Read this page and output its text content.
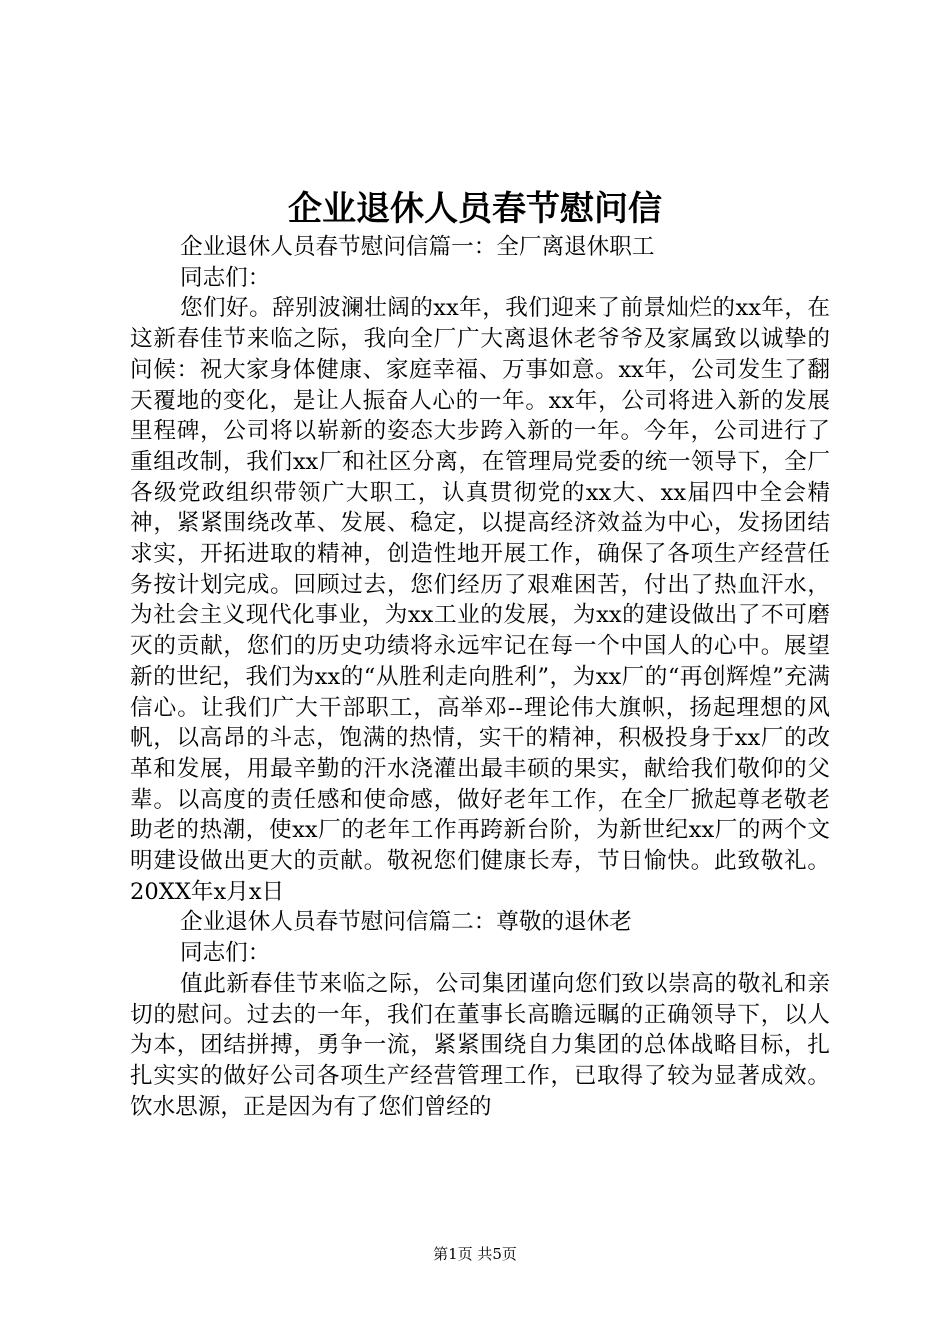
企业退休人员春节慰问信

企业退休人员春节慰问信篇一：全厂离退休职工

同志们：

您们好。辞别波澜壮阔的xx年，我们迎来了前景灿烂的xx年，在这新春佳节来临之际，我向全厂广大离退休老爷爷及家属致以诚挚的问候：祝大家身体健康、家庭幸福、万事如意。xx年，公司发生了翻天覆地的变化，是让人振奋人心的一年。xx年，公司将进入新的发展里程碑，公司将以崭新的姿态大步跨入新的一年。今年，公司进行了重组改制，我们xx厂和社区分离，在管理局党委的统一领导下，全厂各级党政组织带领广大职工，认真贯彻党的xx大、xx届四中全会精神，紧紧围绕改革、发展、稳定，以提高经济效益为中心，发扬团结求实，开拓进取的精神，创造性地开展工作，确保了各项生产经营任务按计划完成。回顾过去，您们经历了艰难困苦，付出了热血汗水，为社会主义现代化事业，为xx工业的发展，为xx的建设做出了不可磨灭的贡献，您们的历史功绩将永远牢记在每一个中国人的心中。展望新的世纪，我们为xx的“从胜利走向胜利”，为xx厂的“再创辉煌”充满信心。让我们广大干部职工，高举邓--理论伟大旗帜，扬起理想的风帆，以高昂的斗志，饱满的热情，实干的精神，积极投身于xx厂的改革和发展，用最辛勤的汗水浇灌出最丰硕的果实，献给我们敬仰的父辈。以高度的责任感和使命感，做好老年工作，在全厂掀起尊老敬老助老的热潮，使xx厂的老年工作再跨新台阶，为新世纪xx厂的两个文明建设做出更大的贡献。敬祝您们健康长寿，节日愉快。此致敬礼。20XX年x月x日

企业退休人员春节慰问信篇二：尊敬的退休老

同志们：

值此新春佳节来临之际，公司集团谨向您们致以崇高的敬礼和亲切的慰问。过去的一年，我们在董事长高瞻远瞩的正确领导下，以人为本，团结拼搏，勇争一流，紧紧围绕自力集团的总体战略目标，扎扎实实的做好公司各项生产经营管理工作，已取得了较为显著成效。饮水思源，正是因为有了您们曾经的

第1页 共5页
